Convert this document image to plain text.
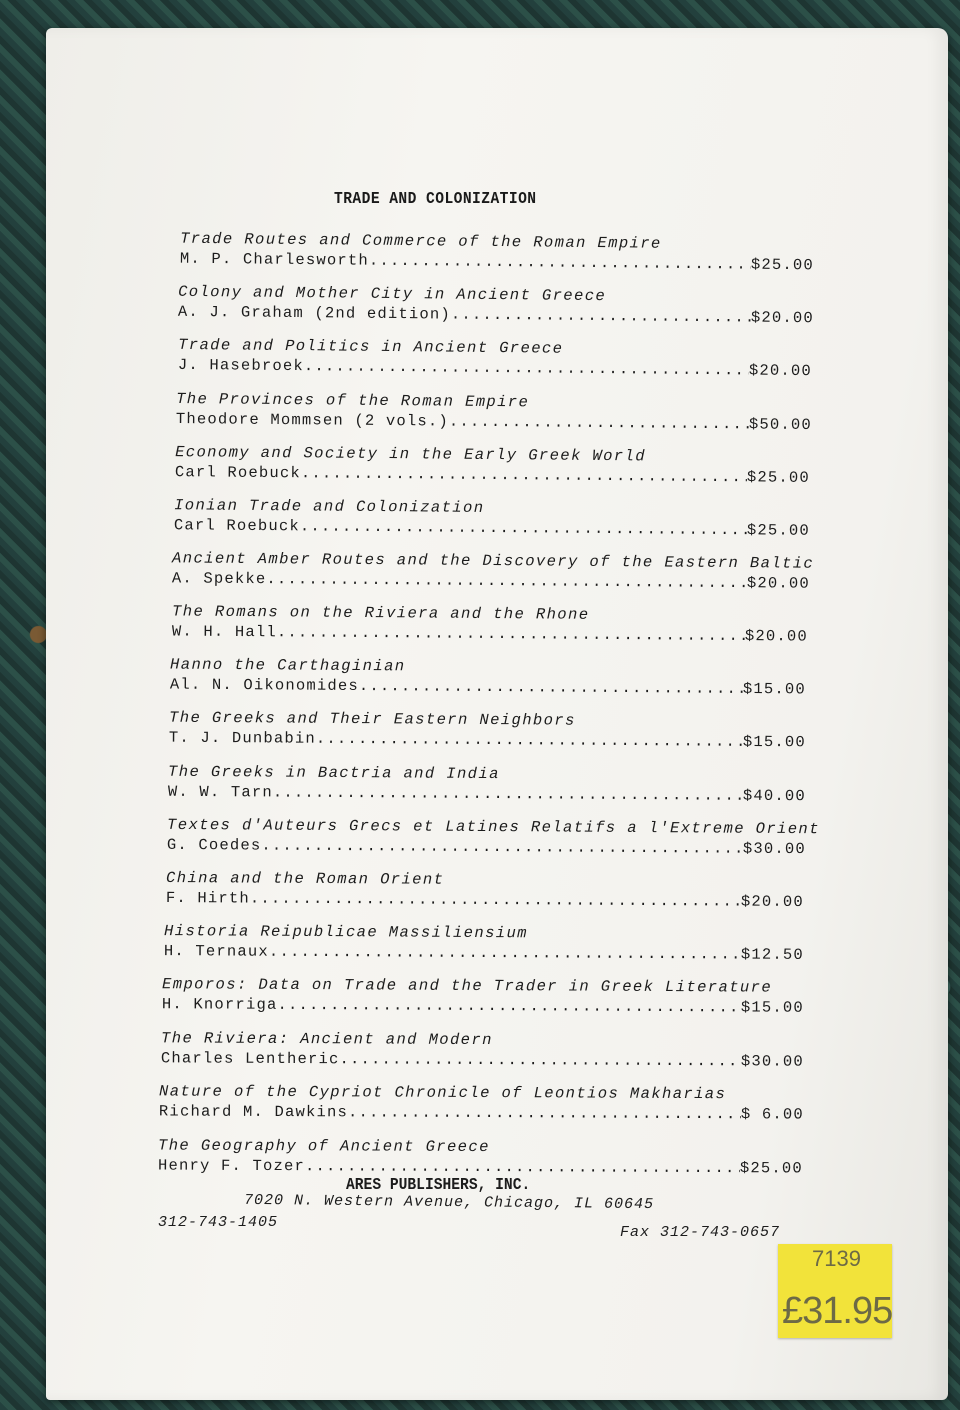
TRADE AND COLONIZATION
Trade Routes and Commerce of the Roman Empire
M. P. Charlesworth .....	$25.00
Colony and Mother City in Ancient Greece
A. J. Graham (2nd edition) .....	$20.00
Trade and Politics in Ancient Greece
J. Hasebroek .....	$20.00
The Provinces of the Roman Empire
Theodore Mommsen (2 vols.) .....	$50.00
Economy and Society in the Early Greek World
Carl Roebuck .....	$25.00
Ionian Trade and Colonization
Carl Roebuck .....	$25.00
Ancient Amber Routes and the Discovery of the Eastern Baltic
A. Spekke .....	$20.00
The Romans on the Riviera and the Rhone
W. H. Hall .....	$20.00
Hanno the Carthaginian
Al. N. Oikonomides .....	$15.00
The Greeks and Their Eastern Neighbors
T. J. Dunbabin .....	$15.00
The Greeks in Bactria and India
W. W. Tarn .....	$40.00
Textes d'Auteurs Grecs et Latines Relatifs a l'Extreme Orient
G. Coedes .....	$30.00
China and the Roman Orient
F. Hirth .....	$20.00
Historia Reipublicae Massiliensium
H. Ternaux .....	$12.50
Emporos: Data on Trade and the Trader in Greek Literature
H. Knorriga .....	$15.00
The Riviera: Ancient and Modern
Charles Lentheric .....	$30.00
Nature of the Cypriot Chronicle of Leontios Makharias
Richard M. Dawkins .....	$ 6.00
The Geography of Ancient Greece
Henry F. Tozer .....	$25.00
ARES PUBLISHERS, INC.
7020 N. Western Avenue, Chicago, IL 60645
312-743-1405
Fax 312-743-0657
7139
£31.95
